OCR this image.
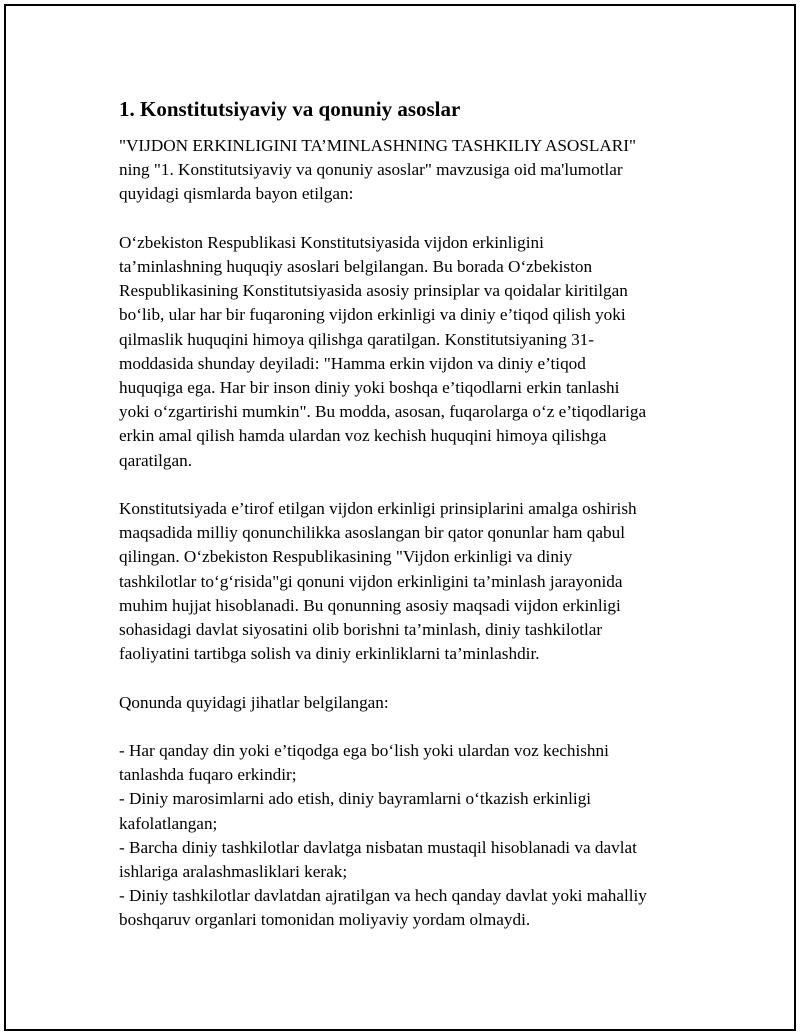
1. Konstitutsiyaviy va qonuniy asoslar

"VIJDON ERKINLIGINI TA’MINLASHNING TASHKILIY ASOSLARI"
ning "1. Konstitutsiyaviy va qonuniy asoslar" mavzusiga oid ma'lumotlar
quyidagi qismlarda bayon etilgan:

O‘zbekiston Respublikasi Konstitutsiyasida vijdon erkinligini
ta’minlashning huquqiy asoslari belgilangan. Bu borada O‘zbekiston
Respublikasining Konstitutsiyasida asosiy prinsiplar va qoidalar kiritilgan
bo‘lib, ular har bir fuqaroning vijdon erkinligi va diniy e’tiqod qilish yoki
qilmaslik huquqini himoya qilishga qaratilgan. Konstitutsiyaning 31-
moddasida shunday deyiladi: "Hamma erkin vijdon va diniy e’tiqod
huquqiga ega. Har bir inson diniy yoki boshqa e’tiqodlarni erkin tanlashi
yoki o‘zgartirishi mumkin". Bu modda, asosan, fuqarolarga o‘z e’tiqodlariga
erkin amal qilish hamda ulardan voz kechish huquqini himoya qilishga
qaratilgan.

Konstitutsiyada e’tirof etilgan vijdon erkinligi prinsiplarini amalga oshirish
maqsadida milliy qonunchilikka asoslangan bir qator qonunlar ham qabul
qilingan. O‘zbekiston Respublikasining "Vijdon erkinligi va diniy
tashkilotlar to‘g‘risida"gi qonuni vijdon erkinligini ta’minlash jarayonida
muhim hujjat hisoblanadi. Bu qonunning asosiy maqsadi vijdon erkinligi
sohasidagi davlat siyosatini olib borishni ta’minlash, diniy tashkilotlar
faoliyatini tartibga solish va diniy erkinliklarni ta’minlashdir.

Qonunda quyidagi jihatlar belgilangan:

- Har qanday din yoki e’tiqodga ega bo‘lish yoki ulardan voz kechishni
tanlashda fuqaro erkindir;

- Diniy marosimlarni ado etish, diniy bayramlarni o‘tkazish erkinligi
kafolatlangan;

- Barcha diniy tashkilotlar davlatga nisbatan mustaqil hisoblanadi va davlat
ishlariga aralashmasliklari kerak;

- Diniy tashkilotlar davlatdan ajratilgan va hech qanday davlat yoki mahalliy
boshqaruv organlari tomonidan moliyaviy yordam olmaydi.
